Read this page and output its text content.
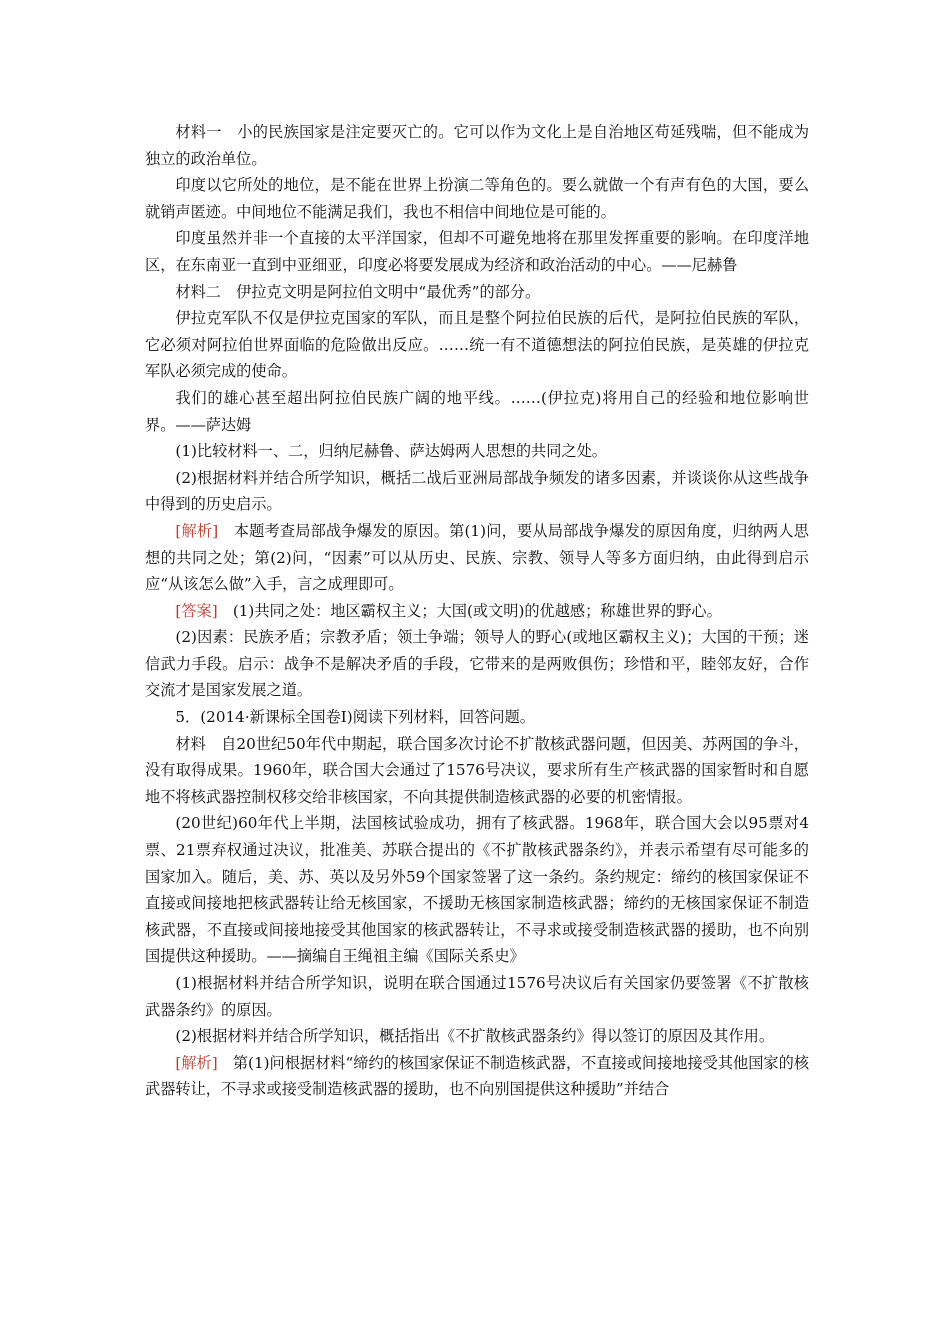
材料一　小的民族国家是注定要灭亡的。它可以作为文化上是自治地区苟延残喘，但不能成为独立的政治单位。

印度以它所处的地位，是不能在世界上扮演二等角色的。要么就做一个有声有色的大国，要么就销声匿迹。中间地位不能满足我们，我也不相信中间地位是可能的。

印度虽然并非一个直接的太平洋国家，但却不可避免地将在那里发挥重要的影响。在印度洋地区，在东南亚一直到中亚细亚，印度必将要发展成为经济和政治活动的中心。——尼赫鲁

材料二　伊拉克文明是阿拉伯文明中“最优秀”的部分。

伊拉克军队不仅是伊拉克国家的军队，而且是整个阿拉伯民族的后代，是阿拉伯民族的军队，它必须对阿拉伯世界面临的危险做出反应。……统一有不道德想法的阿拉伯民族，是英雄的伊拉克军队必须完成的使命。

我们的雄心甚至超出阿拉伯民族广阔的地平线。……(伊拉克)将用自己的经验和地位影响世界。——萨达姆

(1)比较材料一、二，归纳尼赫鲁、萨达姆两人思想的共同之处。

(2)根据材料并结合所学知识，概括二战后亚洲局部战争频发的诸多因素，并谈谈你从这些战争中得到的历史启示。

[解析]　本题考查局部战争爆发的原因。第(1)问，要从局部战争爆发的原因角度，归纳两人思想的共同之处；第(2)问，“因素”可以从历史、民族、宗教、领导人等多方面归纳，由此得到启示应“从该怎么做”入手，言之成理即可。

[答案]　(1)共同之处：地区霸权主义；大国(或文明)的优越感；称雄世界的野心。

(2)因素：民族矛盾；宗教矛盾；领土争端；领导人的野心(或地区霸权主义)；大国的干预；迷信武力手段。启示：战争不是解决矛盾的手段，它带来的是两败俱伤；珍惜和平，睦邻友好，合作交流才是国家发展之道。

5．(2014·新课标全国卷Ⅰ)阅读下列材料，回答问题。

材料　自20世纪50年代中期起，联合国多次讨论不扩散核武器问题，但因美、苏两国的争斗，没有取得成果。1960年，联合国大会通过了1576号决议，要求所有生产核武器的国家暂时和自愿地不将核武器控制权移交给非核国家，不向其提供制造核武器的必要的机密情报。

(20世纪)60年代上半期，法国核试验成功，拥有了核武器。1968年，联合国大会以95票对4票、21票弃权通过决议，批准美、苏联合提出的《不扩散核武器条约》，并表示希望有尽可能多的国家加入。随后，美、苏、英以及另外59个国家签署了这一条约。条约规定：缔约的核国家保证不直接或间接地把核武器转让给无核国家，不援助无核国家制造核武器；缔约的无核国家保证不制造核武器，不直接或间接地接受其他国家的核武器转让，不寻求或接受制造核武器的援助，也不向别国提供这种援助。——摘编自王绳祖主编《国际关系史》

(1)根据材料并结合所学知识，说明在联合国通过1576号决议后有关国家仍要签署《不扩散核武器条约》的原因。

(2)根据材料并结合所学知识，概括指出《不扩散核武器条约》得以签订的原因及其作用。

[解析]　第(1)问根据材料“缔约的核国家保证不制造核武器，不直接或间接地接受其他国家的核武器转让，不寻求或接受制造核武器的援助，也不向别国提供这种援助”并结合
